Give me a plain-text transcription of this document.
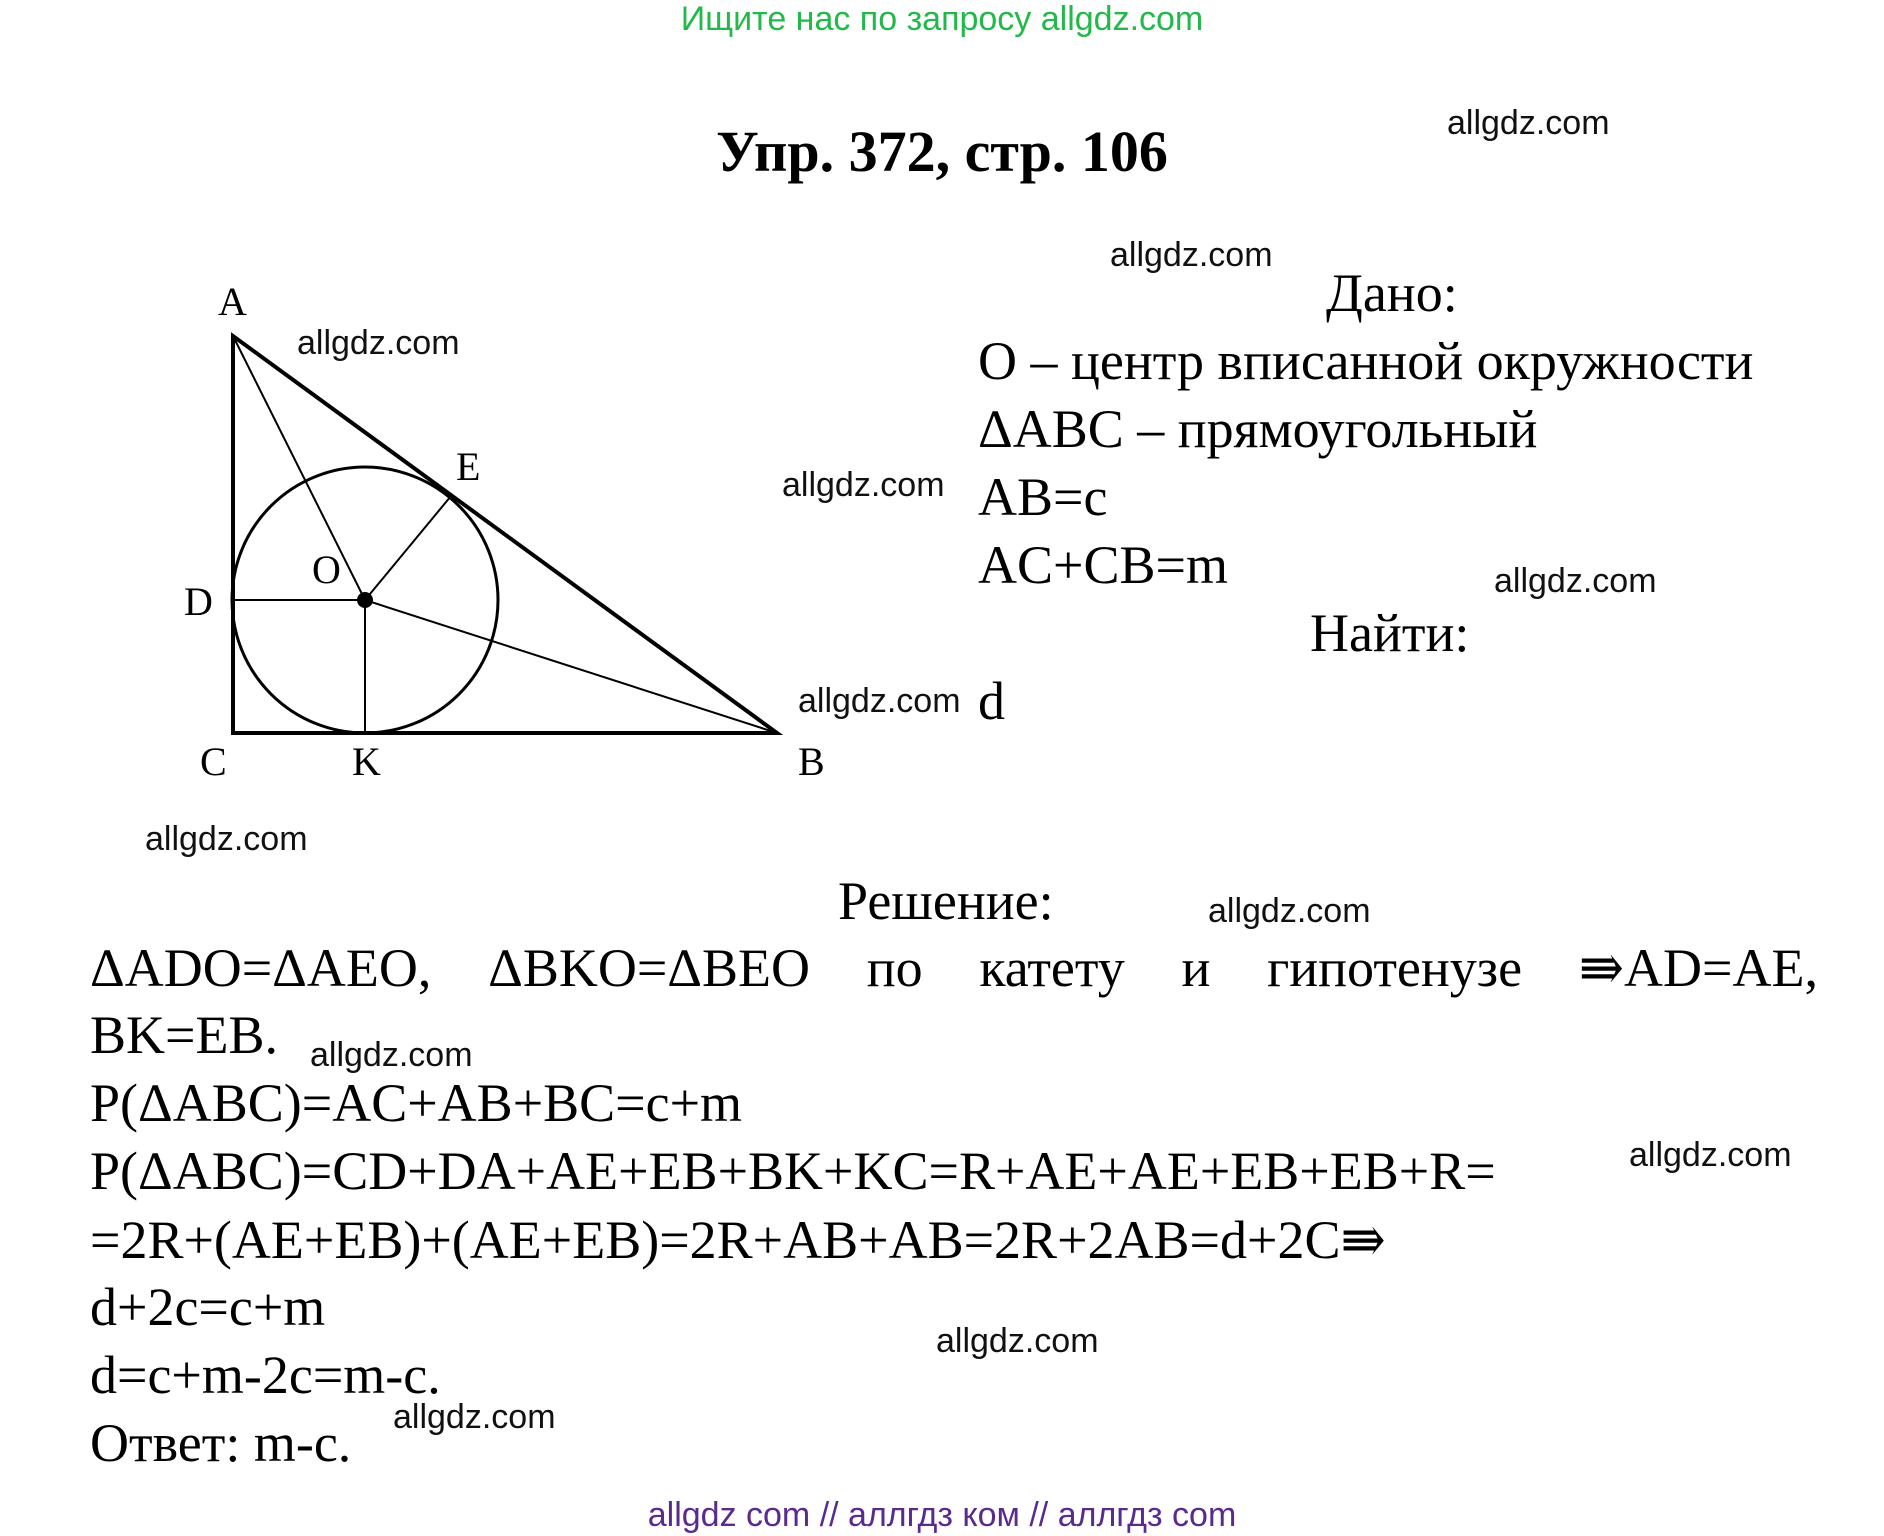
Ищите нас по запросу allgdz.com
Упр. 372, стр. 106
A
E
O
D
C	K	B
Дано:
O – центр вписанной окружности
ΔABC – прямоугольный
AB=c
AC+CB=m
Найти:
d
Решение:
ΔADO=ΔAEO, ΔBKO=ΔBEO по катету и гипотенузе ⇛AD=AE,
BK=EB.
P(ΔABC)=AC+AB+BC=c+m
P(ΔABC)=CD+DA+AE+EB+BK+KC=R+AE+AE+EB+EB+R=
=2R+(AE+EB)+(AE+EB)=2R+AB+AB=2R+2AB=d+2C⇛
d+2c=c+m
d=c+m-2c=m-c.
Ответ: m-c.
allgdz.com
allgdz.com
allgdz.com
allgdz.com
allgdz.com
allgdz.com
allgdz.com
allgdz.com
allgdz.com
allgdz.com
allgdz.com
allgdz.com
allgdz com // аллгдз ком // аллгдз com
